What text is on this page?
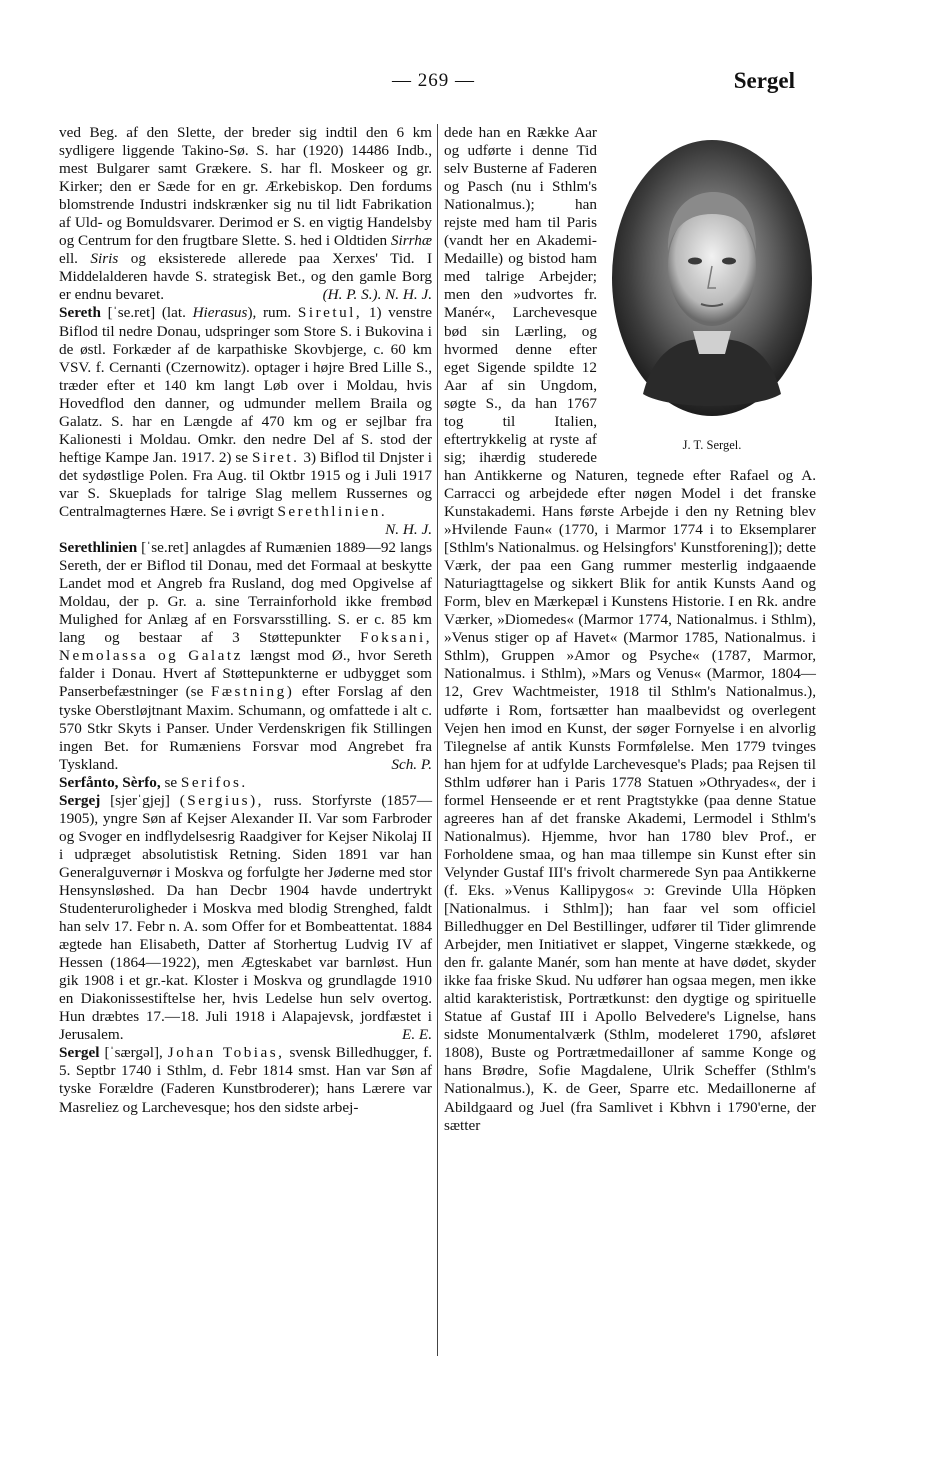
— 269 —	Sergel

ved Beg. af den Slette, der breder sig indtil den 6 km sydligere liggende Takino-Sø. S. har (1920) 14486 Indb., mest Bulgarer samt Grækere. S. har fl. Moskeer og gr. Kirker; den er Sæde for en gr. Ærkebiskop. Den fordums blomstrende Industri indskrænker sig nu til lidt Fabrikation af Uld- og Bomuldsvarer. Derimod er S. en vigtig Handelsby og Centrum for den frugtbare Slette. S. hed i Oldtiden Sirrhæ ell. Siris og eksisterede allerede paa Xerxes' Tid. I Middelalderen havde S. strategisk Bet., og den gamle Borg er endnu bevaret.	(H. P. S.). N. H. J.

Sereth [ˈse.ret] (lat. Hierasus), rum. Siretul, 1) venstre Biflod til nedre Donau, udspringer som Store S. i Bukovina i de østl. Forkæder af de karpathiske Skovbjerge, c. 60 km VSV. f. Cernanti (Czernowitz). optager i højre Bred Lille S., træder efter et 140 km langt Løb over i Moldau, hvis Hovedflod den danner, og udmunder mellem Braila og Galatz. S. har en Længde af 470 km og er sejlbar fra Kalionesti i Moldau. Omkr. den nedre Del af S. stod der heftige Kampe Jan. 1917. 2) se Siret. 3) Biflod til Dnjster i det sydøstlige Polen. Fra Aug. til Oktbr 1915 og i Juli 1917 var S. Skueplads for talrige Slag mellem Russernes og Centralmagternes Hære. Se i øvrigt Serethlinien.
N. H. J.

Serethlinien [ˈse.ret] anlagdes af Rumænien 1889—92 langs Sereth, der er Biflod til Donau, med det Formaal at beskytte Landet mod et Angreb fra Rusland, dog med Opgivelse af Moldau, der p. Gr. a. sine Terrainforhold ikke frembød Mulighed for Anlæg af en Forsvarsstilling. S. er c. 85 km lang og bestaar af 3 Støttepunkter Foksani, Nemolassa og Galatz længst mod Ø., hvor Sereth falder i Donau. Hvert af Støttepunkterne er udbygget som Panserbefæstninger (se Fæstning) efter Forslag af den tyske Oberstløjtnant Maxim. Schumann, og omfattede i alt c. 570 Stkr Skyts i Panser. Under Verdenskrigen fik Stillingen ingen Bet. for Rumæniens Forsvar mod Angrebet fra Tyskland.	Sch. P.

Serfånto, Sèrfo, se Serifos.

Sergej [sjerˈgjej] (Sergius), russ. Storfyrste (1857—1905), yngre Søn af Kejser Alexander II. Var som Farbroder og Svoger en indflydelsesrig Raadgiver for Kejser Nikolaj II i udpræget absolutistisk Retning. Siden 1891 var han Generalguvernør i Moskva og forfulgte her Jøderne med stor Hensynsløshed. Da han Decbr 1904 havde undertrykt Studenteruroligheder i Moskva med blodig Strenghed, faldt han selv 17. Febr n. A. som Offer for et Bombeattentat. 1884 ægtede han Elisabeth, Datter af Storhertug Ludvig IV af Hessen (1864—1922), men Ægteskabet var barnløst. Hun gik 1908 i et gr.-kat. Kloster i Moskva og grundlagde 1910 en Diakonissestiftelse her, hvis Ledelse hun selv overtog. Hun dræbtes 17.—18. Juli 1918 i Alapajevsk, jordfæstet i Jerusalem.	E. E.

Sergel [ˈsærgəl], Johan Tobias, svensk Billedhugger, f. 5. Septbr 1740 i Sthlm, d. Febr 1814 smst. Han var Søn af tyske Forældre (Faderen Kunstbroderer); hans Lærere var Masreliez og Larchevesque; hos den sidste arbej-

J. T. Sergel.

dede han en Række Aar og udførte i denne Tid selv Busterne af Faderen og Pasch (nu i Sthlm's Nationalmus.); han rejste med ham til Paris (vandt her en Akademi-Medaille) og bistod ham med talrige Arbejder; men den »udvortes fr. Manér«, Larchevesque bød sin Lærling, og hvormed denne efter eget Sigende spildte 12 Aar af sin Ungdom, søgte S., da han 1767 tog til Italien, eftertrykkelig at ryste af sig; ihærdig studerede han Antikkerne og Naturen, tegnede efter Rafael og A. Carracci og arbejdede efter nøgen Model i det franske Kunstakademi. Hans første Arbejde i den ny Retning blev »Hvilende Faun« (1770, i Marmor 1774 i to Eksemplarer [Sthlm's Nationalmus. og Helsingfors' Kunstforening]); dette Værk, der paa een Gang rummer mesterlig indgaaende Naturiagttagelse og sikkert Blik for antik Kunsts Aand og Form, blev en Mærkepæl i Kunstens Historie. I en Rk. andre Værker, »Diomedes« (Marmor 1774, Nationalmus. i Sthlm), »Venus stiger op af Havet« (Marmor 1785, Nationalmus. i Sthlm), Gruppen »Amor og Psyche« (1787, Marmor, Nationalmus. i Sthlm), »Mars og Venus« (Marmor, 1804—12, Grev Wachtmeister, 1918 til Sthlm's Nationalmus.), udførte i Rom, fortsætter han maalbevidst og overlegent Vejen hen imod en Kunst, der søger Fornyelse i en alvorlig Tilegnelse af antik Kunsts Formfølelse. Men 1779 tvinges han hjem for at udfylde Larchevesque's Plads; paa Rejsen til Sthlm udfører han i Paris 1778 Statuen »Othryades«, der i formel Henseende er et rent Pragtstykke (paa denne Statue agreeres han af det franske Akademi, Lermodel i Sthlm's Nationalmus). Hjemme, hvor han 1780 blev Prof., er Forholdene smaa, og han maa tillempe sin Kunst efter sin Velynder Gustaf III's frivolt charmerede Syn paa Antikkerne (f. Eks. »Venus Kallipygos« ɔ: Grevinde Ulla Höpken [Nationalmus. i Sthlm]); han faar vel som officiel Billedhugger en Del Bestillinger, udfører til Tider glimrende Arbejder, men Initiativet er slappet, Vingerne stækkede, og den fr. galante Manér, som han mente at have dødet, skyder ikke faa friske Skud. Nu udfører han ogsaa megen, men ikke altid karakteristisk, Portrætkunst: den dygtige og spirituelle Statue af Gustaf III i Apollo Belvedere's Lignelse, hans sidste Monumentalværk (Sthlm, modeleret 1790, afsløret 1808), Buste og Portrætmedailloner af samme Konge og hans Brødre, Sofie Magdalene, Ulrik Scheffer (Sthlm's Nationalmus.), K. de Geer, Sparre etc. Medaillonerne af Abildgaard og Juel (fra Samlivet i Kbhvn i 1790'erne, der sætter
